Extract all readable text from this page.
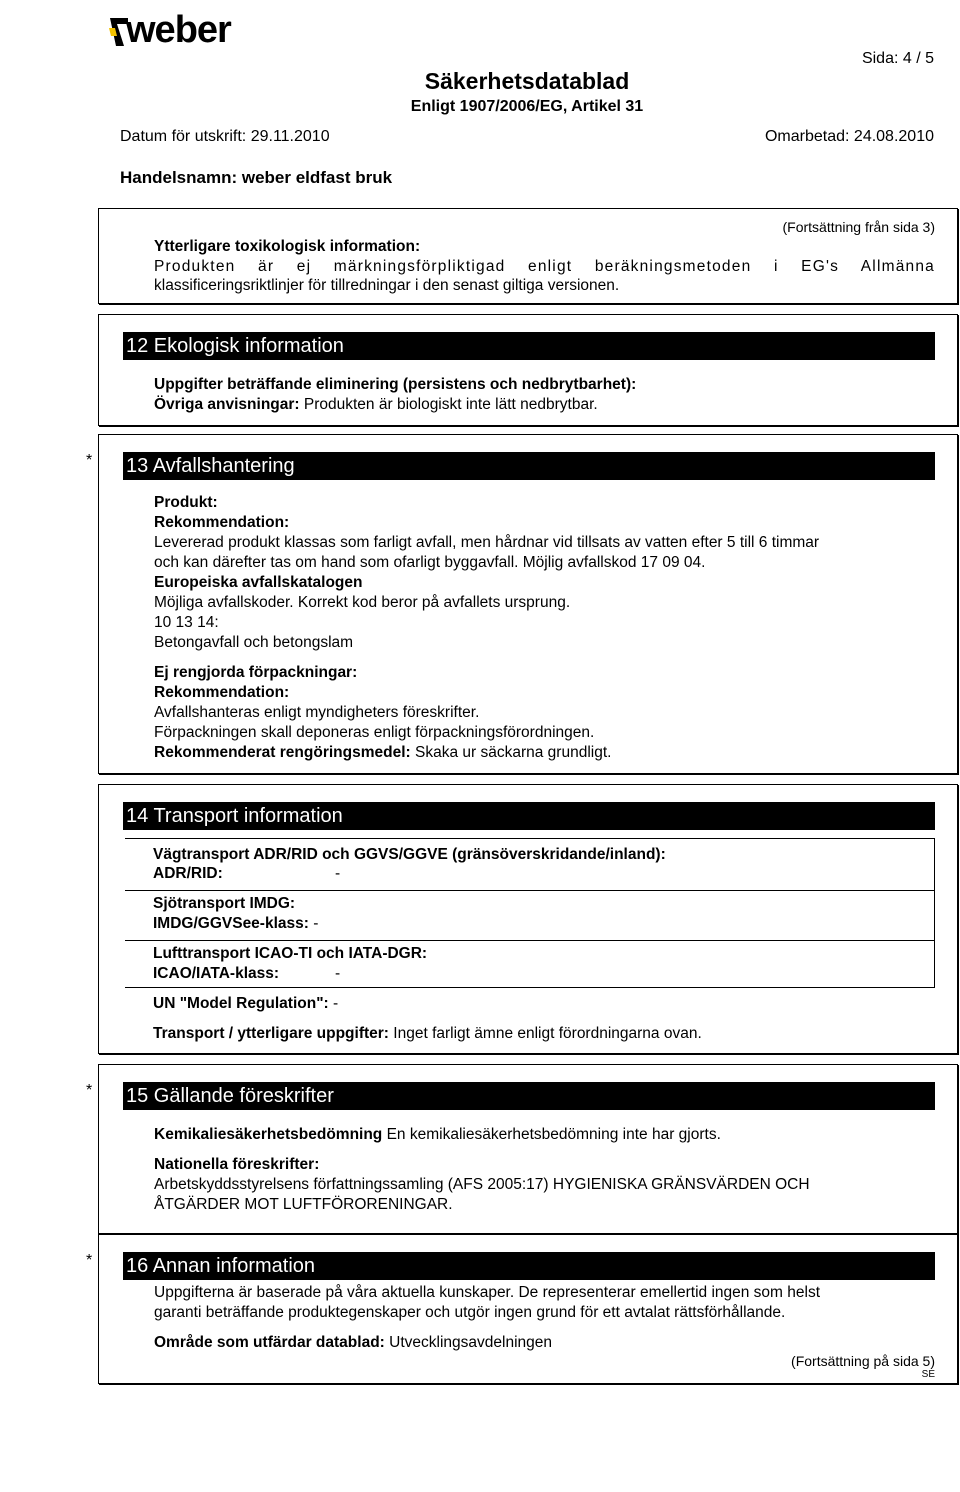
weber
Sida: 4 / 5
Säkerhetsdatablad
Enligt 1907/2006/EG, Artikel 31
Datum för utskrift: 29.11.2010	Omarbetad: 24.08.2010
Handelsnamn: weber eldfast bruk
(Fortsättning från sida 3)
Ytterligare toxikologisk information:
Produkten är ej märkningsförpliktigad enligt beräkningsmetoden i EG's Allmänna
klassificeringsriktlinjer för tillredningar i den senast giltiga versionen.
12 Ekologisk information
Uppgifter beträffande eliminering (persistens och nedbrytbarhet):
Övriga anvisningar: Produkten är biologiskt inte lätt nedbrytbar.
* 13 Avfallshantering
Produkt:
Rekommendation:
Levererad produkt klassas som farligt avfall, men hårdnar vid tillsats av vatten efter 5 till 6 timmar
och kan därefter tas om hand som ofarligt byggavfall. Möjlig avfallskod 17 09 04.
Europeiska avfallskatalogen
Möjliga avfallskoder. Korrekt kod beror på avfallets ursprung.
10 13 14:
Betongavfall och betongslam
Ej rengjorda förpackningar:
Rekommendation:
Avfallshanteras enligt myndigheters föreskrifter.
Förpackningen skall deponeras enligt förpackningsförordningen.
Rekommenderat rengöringsmedel: Skaka ur säckarna grundligt.
14 Transport information
Vägtransport ADR/RID och GGVS/GGVE (gränsöverskridande/inland):
ADR/RID:	-
Sjötransport IMDG:
IMDG/GGVSee-klass: -
Lufttransport ICAO-TI och IATA-DGR:
ICAO/IATA-klass:	-
UN "Model Regulation": -
Transport / ytterligare uppgifter: Inget farligt ämne enligt förordningarna ovan.
* 15 Gällande föreskrifter
Kemikaliesäkerhetsbedömning En kemikaliesäkerhetsbedömning inte har gjorts.
Nationella föreskrifter:
Arbetskyddsstyrelsens författningssamling (AFS 2005:17) HYGIENISKA GRÄNSVÄRDEN OCH
ÅTGÄRDER MOT LUFTFÖRORENINGAR.
* 16 Annan information
Uppgifterna är baserade på våra aktuella kunskaper. De representerar emellertid ingen som helst
garanti beträffande produktegenskaper och utgör ingen grund för ett avtalat rättsförhållande.
Område som utfärdar datablad: Utvecklingsavdelningen
(Fortsättning på sida 5)
SE
